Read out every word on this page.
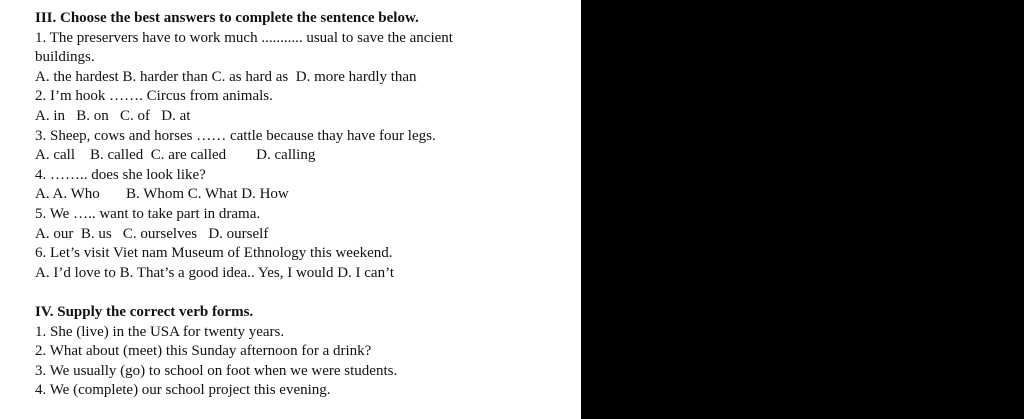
III. Choose the best answers to complete the sentence below.
1. The preservers have to work much ........... usual to save the ancient
buildings.
A. the hardest B. harder than C. as hard as  D. more hardly than
2. I’m hook ……. Circus from animals.
A. in   B. on   C. of   D. at
3. Sheep, cows and horses …… cattle because thay have four legs.
A. call    B. called  C. are called        D. calling
4. …….. does she look like?
A. A. Who       B. Whom C. What D. How
5. We ….. want to take part in drama.
A. our  B. us   C. ourselves   D. ourself
6. Let’s visit Viet nam Museum of Ethnology this weekend.
A. I’d love to B. That’s a good idea.. Yes, I would D. I can’t
IV. Supply the correct verb forms.
1. She (live) in the USA for twenty years.
2. What about (meet) this Sunday afternoon for a drink?
3. We usually (go) to school on foot when we were students.
4. We (complete) our school project this evening.
